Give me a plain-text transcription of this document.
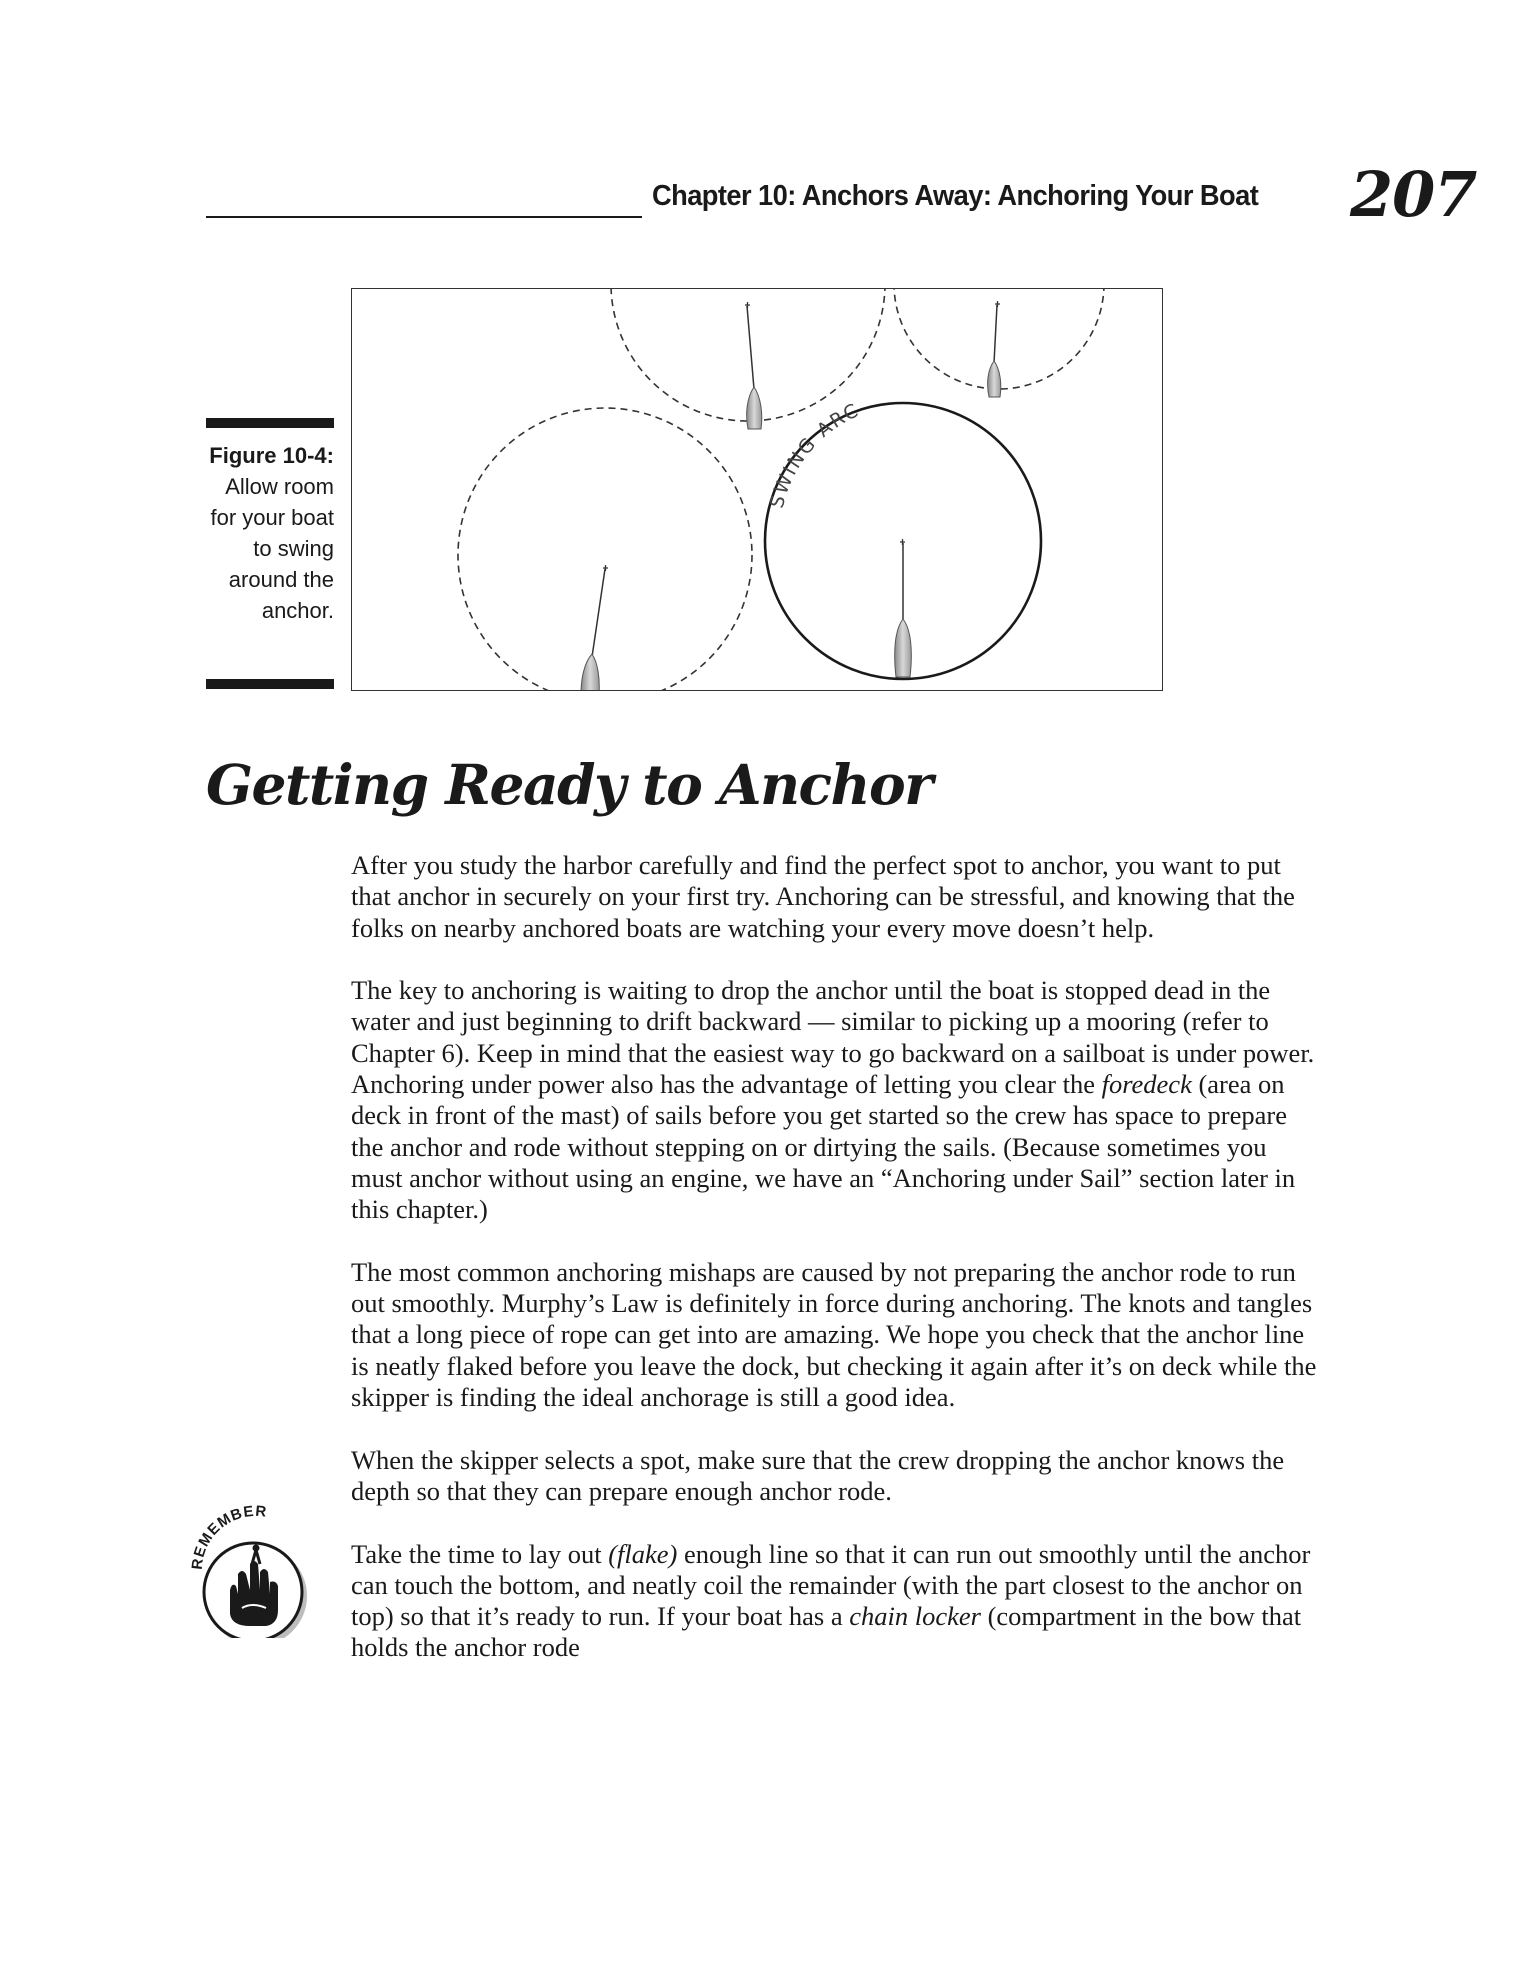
Chapter 10: Anchors Away: Anchoring Your Boat 207
SWING ARC
Figure 10-4:
Allow room for your boat to swing around the anchor.
Getting Ready to Anchor

After you study the harbor carefully and find the perfect spot to anchor, you want to put that anchor in securely on your first try. Anchoring can be stressful, and knowing that the folks on nearby anchored boats are watching your every move doesn’t help.

The key to anchoring is waiting to drop the anchor until the boat is stopped dead in the water and just beginning to drift backward — similar to picking up a mooring (refer to Chapter 6). Keep in mind that the easiest way to go backward on a sailboat is under power. Anchoring under power also has the advantage of letting you clear the foredeck (area on deck in front of the mast) of sails before you get started so the crew has space to prepare the anchor and rode without stepping on or dirtying the sails. (Because sometimes you must anchor without using an engine, we have an “Anchoring under Sail” section later in this chapter.)

The most common anchoring mishaps are caused by not preparing the anchor rode to run out smoothly. Murphy’s Law is definitely in force during anchoring. The knots and tangles that a long piece of rope can get into are amazing. We hope you check that the anchor line is neatly flaked before you leave the dock, but checking it again after it’s on deck while the skipper is finding the ideal anchorage is still a good idea.

When the skipper selects a spot, make sure that the crew dropping the anchor knows the depth so that they can prepare enough anchor rode.

Take the time to lay out (flake) enough line so that it can run out smoothly until the anchor can touch the bottom, and neatly coil the remainder (with the part closest to the anchor on top) so that it’s ready to run. If your boat has a chain locker (compartment in the bow that holds the anchor rode

REMEMBER
